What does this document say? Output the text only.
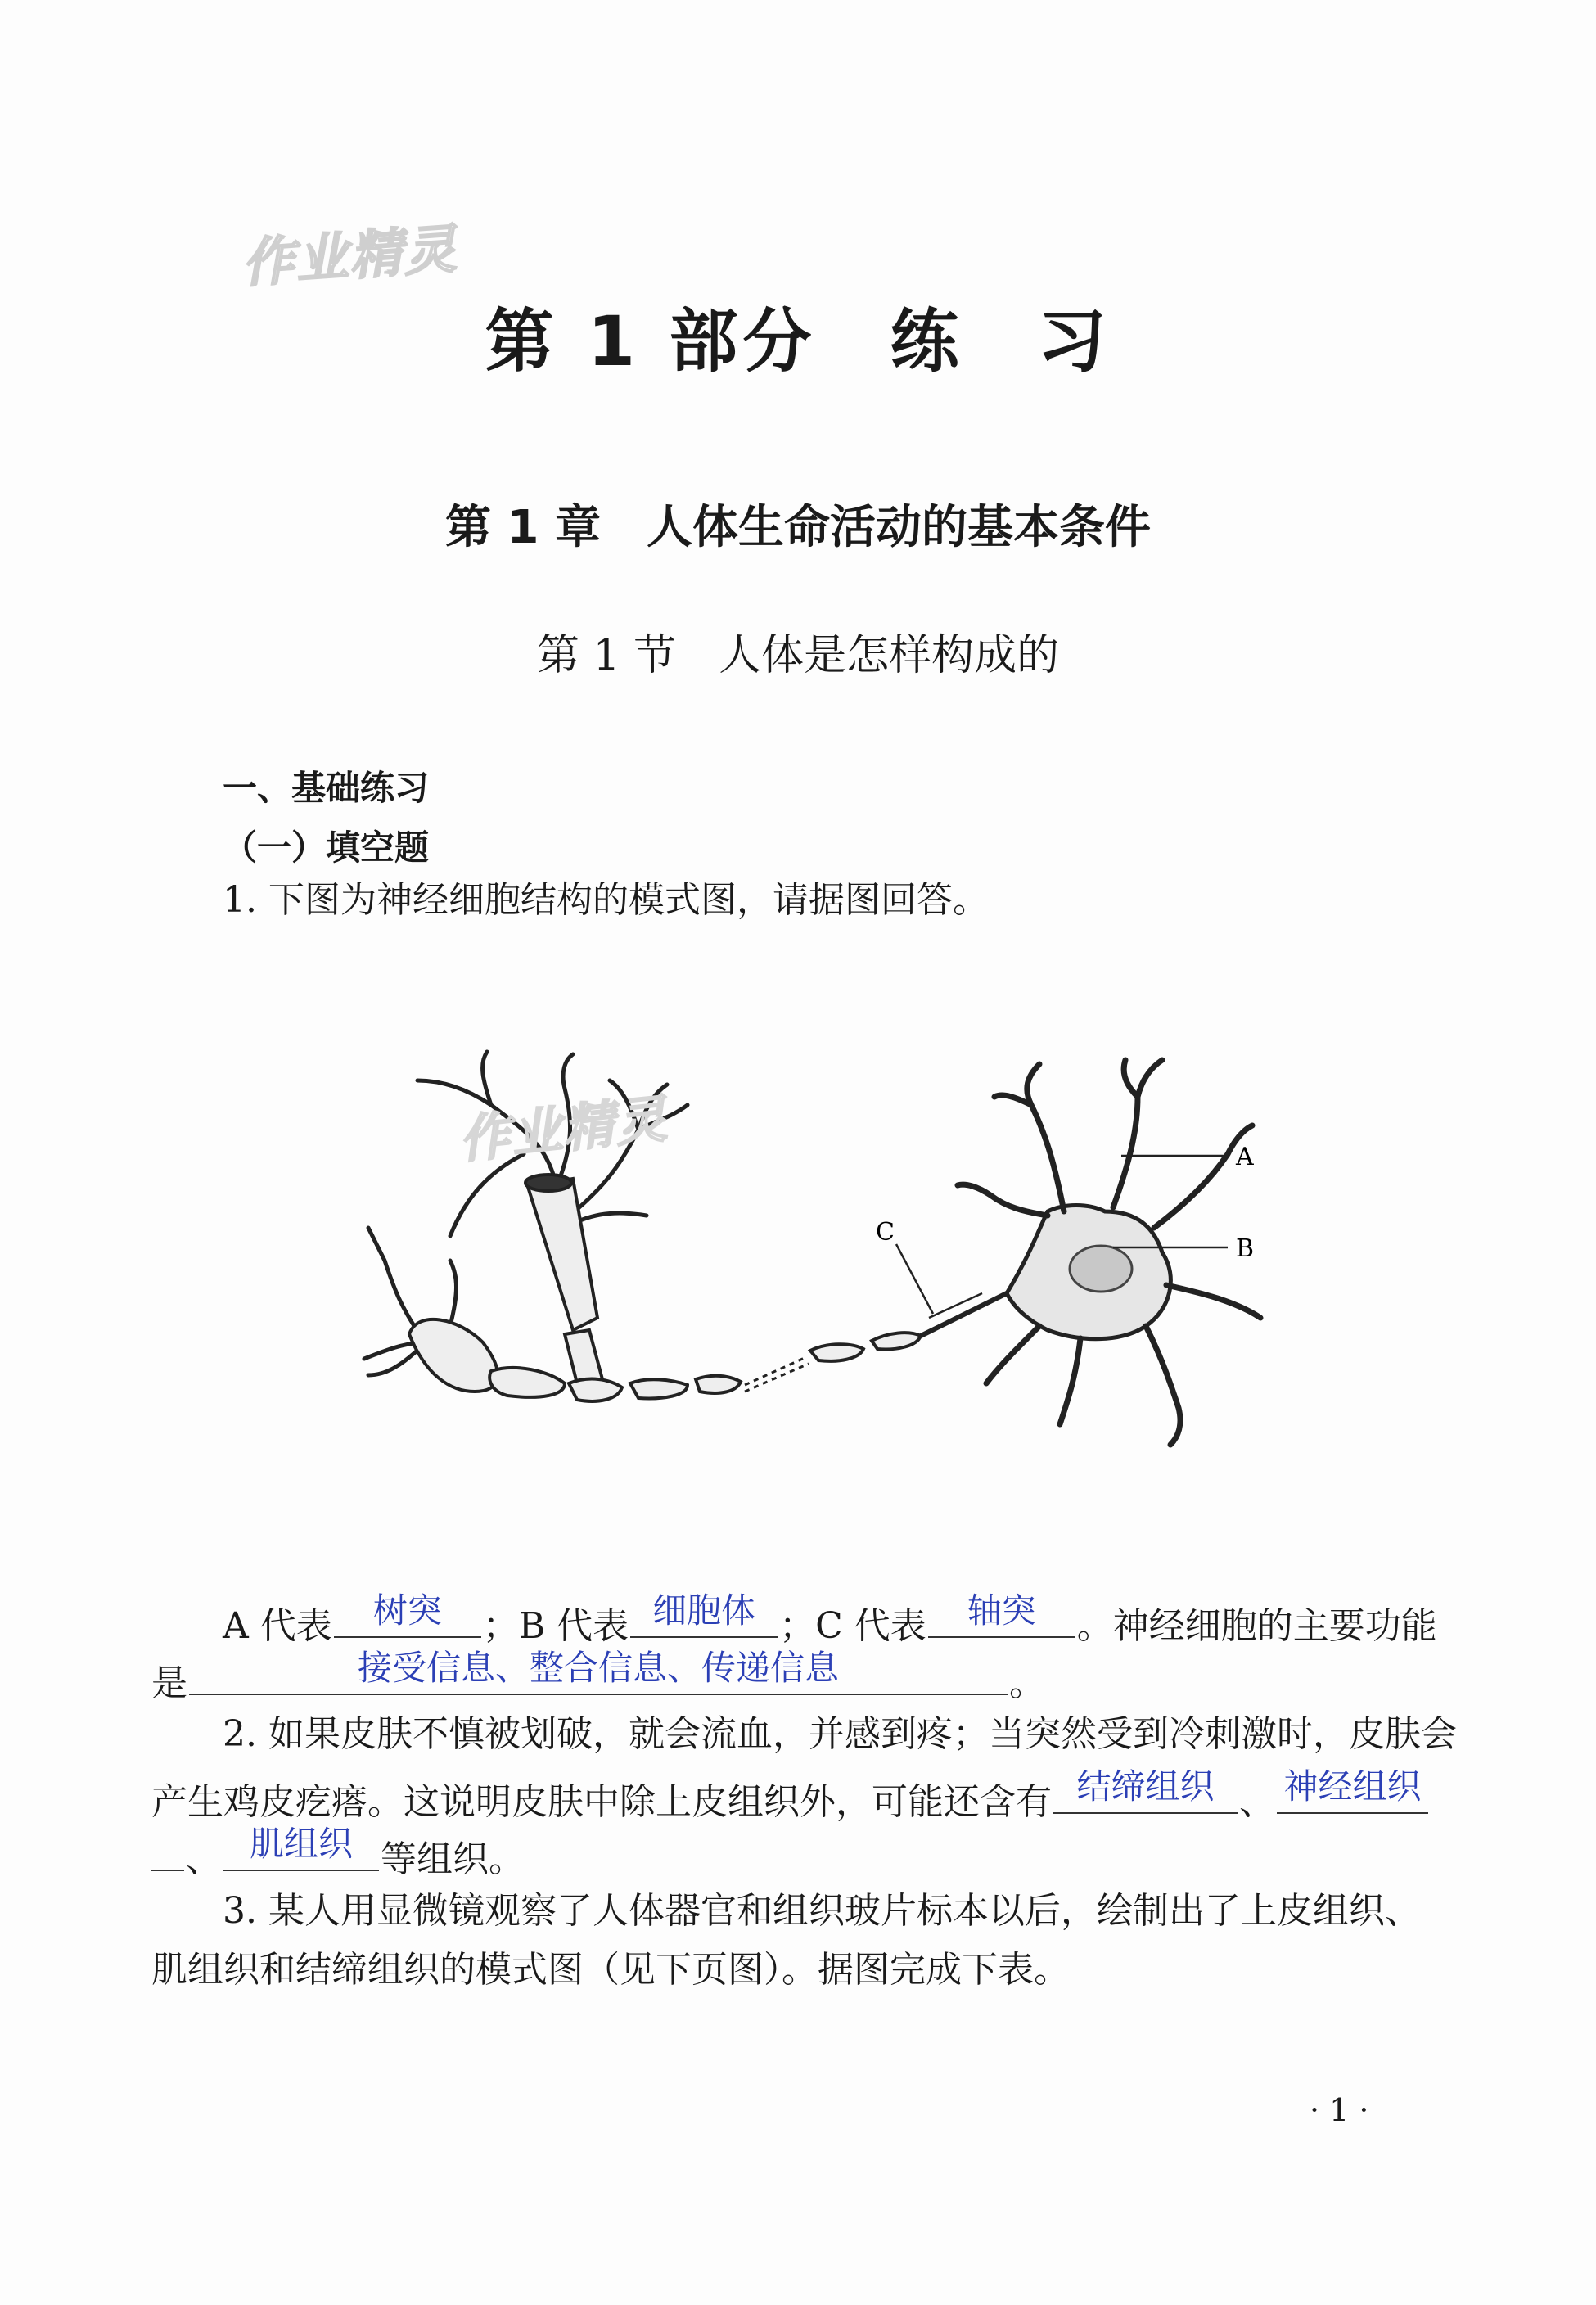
作业精灵
第 1 部分　练　习
第 1 章　人体生命活动的基本条件
第 1 节　人体是怎样构成的
一、基础练习
（一）填空题
1. 下图为神经细胞结构的模式图，请据图回答。
A
B
C
作业精灵
A 代表	树突	；B 代表 细胞体 ；C 代表	轴突	。神经细胞的主要功能
是	接受信息、整合信息、传递信息	。
2. 如果皮肤不慎被划破，就会流血，并感到疼；当突然受到冷刺激时，皮肤会
产生鸡皮疙瘩。这说明皮肤中除上皮组织外，可能还含有 结缔组织 、 神经组织
、 肌组织 等组织。
3. 某人用显微镜观察了人体器官和组织玻片标本以后，绘制出了上皮组织、
肌组织和结缔组织的模式图（见下页图）。据图完成下表。
· 1 ·
